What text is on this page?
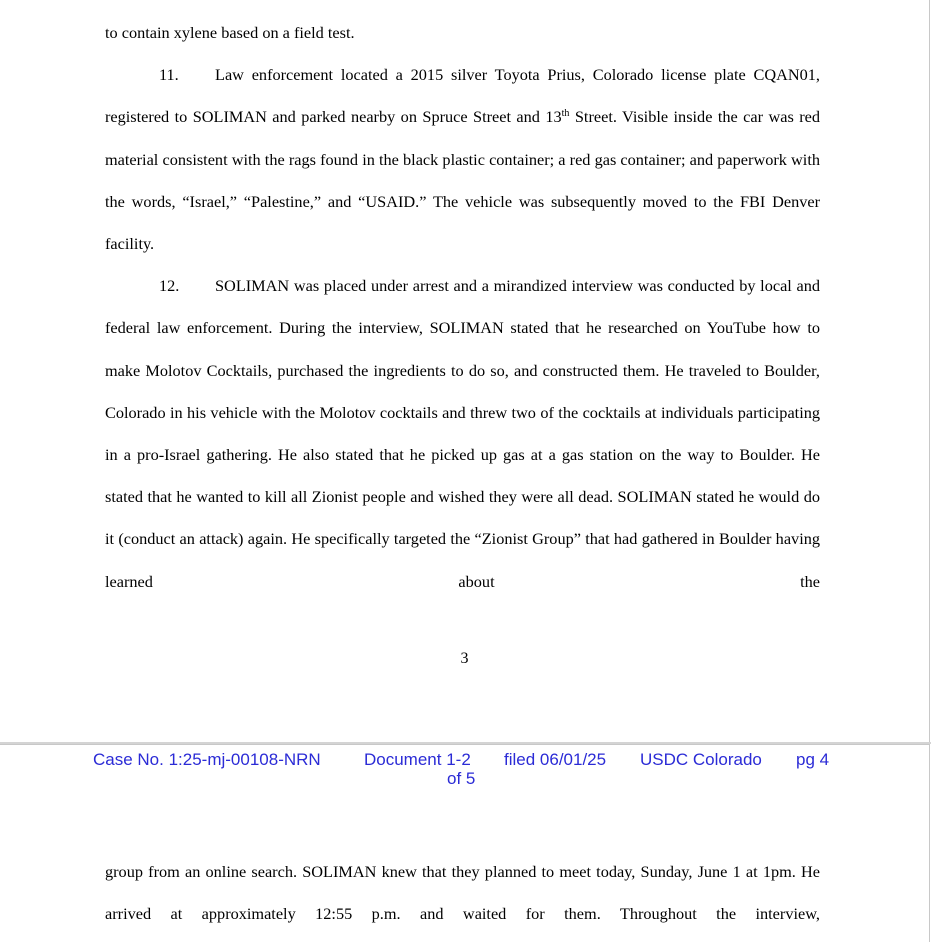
to contain xylene based on a field test.

11. Law enforcement located a 2015 silver Toyota Prius, Colorado license plate CQAN01, registered to SOLIMAN and parked nearby on Spruce Street and 13th Street. Visible inside the car was red material consistent with the rags found in the black plastic container; a red gas container; and paperwork with the words, “Israel,” “Palestine,” and “USAID.” The vehicle was subsequently moved to the FBI Denver facility.

12. SOLIMAN was placed under arrest and a mirandized interview was conducted by local and federal law enforcement. During the interview, SOLIMAN stated that he researched on YouTube how to make Molotov Cocktails, purchased the ingredients to do so, and constructed them. He traveled to Boulder, Colorado in his vehicle with the Molotov cocktails and threw two of the cocktails at individuals participating in a pro-Israel gathering. He also stated that he picked up gas at a gas station on the way to Boulder. He stated that he wanted to kill all Zionist people and wished they were all dead. SOLIMAN stated he would do it (conduct an attack) again. He specifically targeted the “Zionist Group” that had gathered in Boulder having learned about the

3
Case No. 1:25-mj-00108-NRN	Document 1-2
of 5
filed 06/01/25 USDC Colorado pg 4

group from an online search. SOLIMAN knew that they planned to meet today, Sunday, June 1 at 1pm. He arrived at approximately 12:55 p.m. and waited for them. Throughout the interview,
